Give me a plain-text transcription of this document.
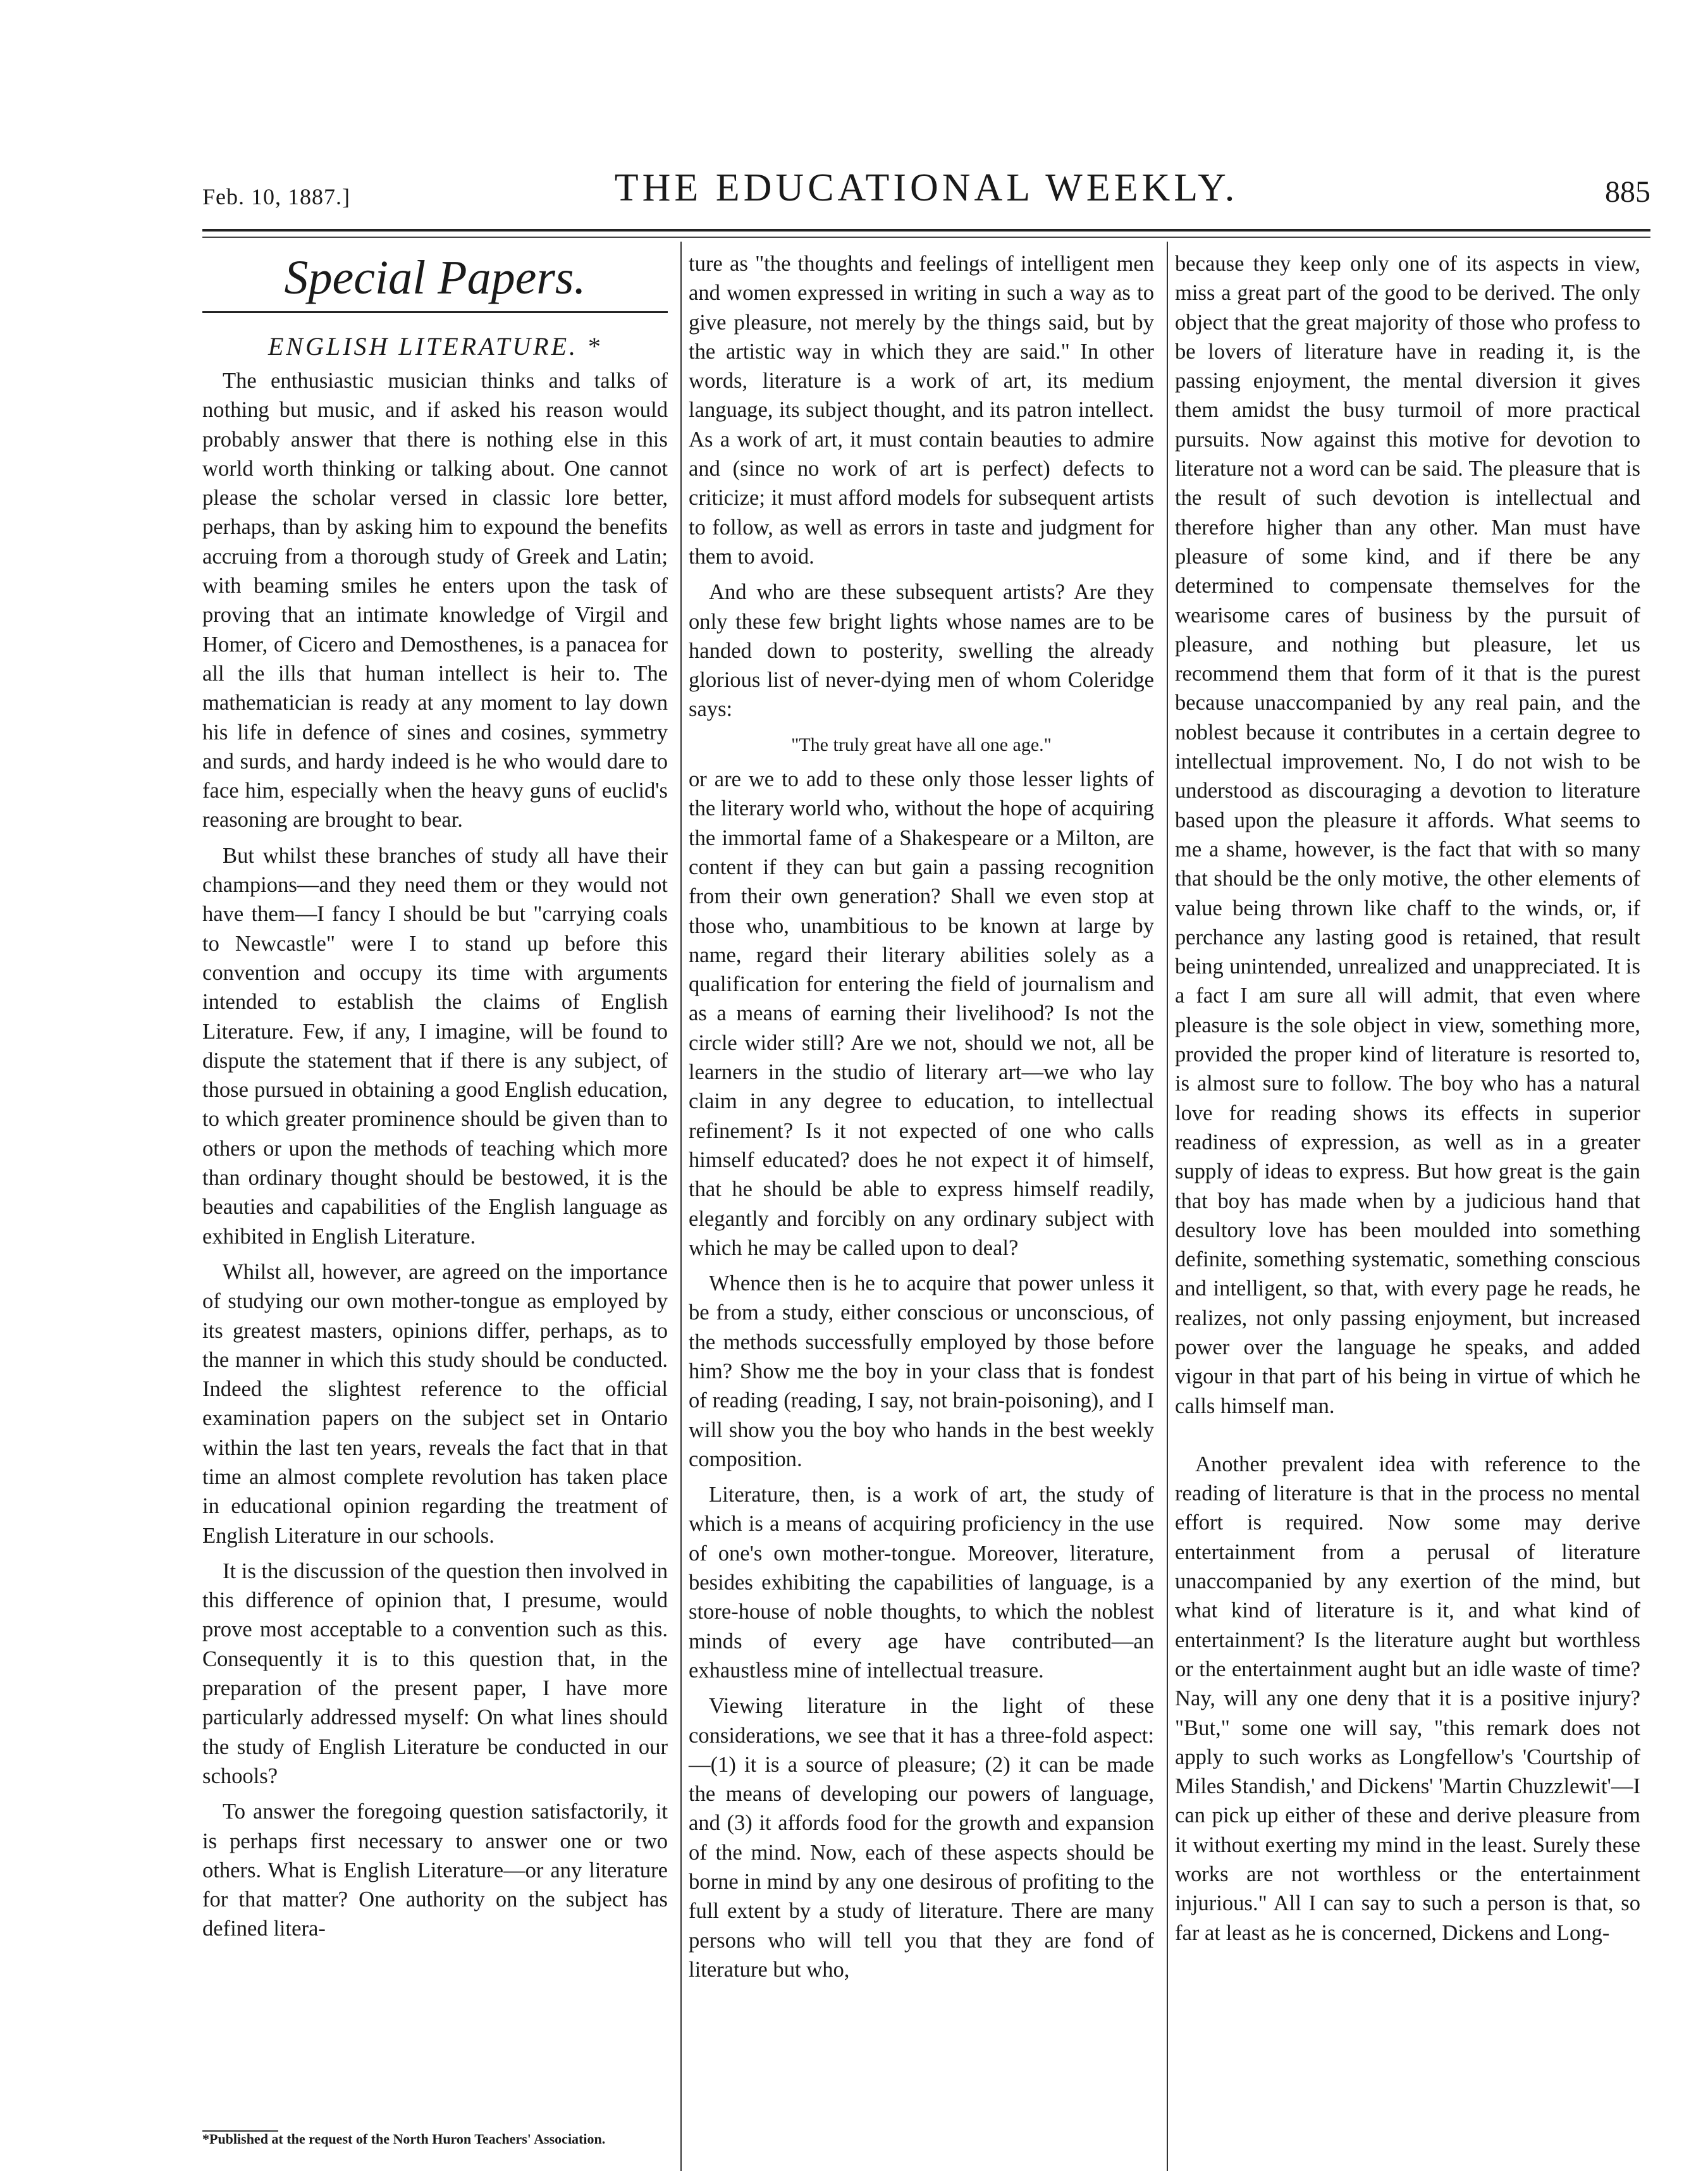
Feb. 10, 1887.]	THE EDUCATIONAL WEEKLY.	885
Special Papers.
ENGLISH LITERATURE. *

The enthusiastic musician thinks and talks of nothing but music, and if asked his reason would probably answer that there is nothing else in this world worth thinking or talking about. One cannot please the scholar versed in classic lore better, perhaps, than by asking him to expound the benefits accruing from a thorough study of Greek and Latin; with beaming smiles he enters upon the task of proving that an intimate knowledge of Virgil and Homer, of Cicero and Demosthenes, is a panacea for all the ills that human intellect is heir to. The mathematician is ready at any moment to lay down his life in defence of sines and cosines, symmetry and surds, and hardy indeed is he who would dare to face him, especially when the heavy guns of euclid's reasoning are brought to bear.

But whilst these branches of study all have their champions—and they need them or they would not have them—I fancy I should be but "carrying coals to Newcastle" were I to stand up before this convention and occupy its time with arguments intended to establish the claims of English Literature. Few, if any, I imagine, will be found to dispute the statement that if there is any subject, of those pursued in obtaining a good English education, to which greater prominence should be given than to others or upon the methods of teaching which more than ordinary thought should be bestowed, it is the beauties and capabilities of the English language as exhibited in English Literature.

Whilst all, however, are agreed on the importance of studying our own mother-tongue as employed by its greatest masters, opinions differ, perhaps, as to the manner in which this study should be conducted. Indeed the slightest reference to the official examination papers on the subject set in Ontario within the last ten years, reveals the fact that in that time an almost complete revolution has taken place in educational opinion regarding the treatment of English Literature in our schools.

It is the discussion of the question then involved in this difference of opinion that, I presume, would prove most acceptable to a convention such as this. Consequently it is to this question that, in the preparation of the present paper, I have more particularly addressed myself: On what lines should the study of English Literature be conducted in our schools?

To answer the foregoing question satisfactorily, it is perhaps first necessary to answer one or two others. What is English Literature—or any literature for that matter? One authority on the subject has defined litera-

*Published at the request of the North Huron Teachers' Association.

ture as "the thoughts and feelings of intelligent men and women expressed in writing in such a way as to give pleasure, not merely by the things said, but by the artistic way in which they are said." In other words, literature is a work of art, its medium language, its subject thought, and its patron intellect. As a work of art, it must contain beauties to admire and (since no work of art is perfect) defects to criticize; it must afford models for subsequent artists to follow, as well as errors in taste and judgment for them to avoid.

And who are these subsequent artists? Are they only these few bright lights whose names are to be handed down to posterity, swelling the already glorious list of never-dying men of whom Coleridge says:

"The truly great have all one age."

or are we to add to these only those lesser lights of the literary world who, without the hope of acquiring the immortal fame of a Shakespeare or a Milton, are content if they can but gain a passing recognition from their own generation? Shall we even stop at those who, unambitious to be known at large by name, regard their literary abilities solely as a qualification for entering the field of journalism and as a means of earning their livelihood? Is not the circle wider still? Are we not, should we not, all be learners in the studio of literary art—we who lay claim in any degree to education, to intellectual refinement? Is it not expected of one who calls himself educated? does he not expect it of himself, that he should be able to express himself readily, elegantly and forcibly on any ordinary subject with which he may be called upon to deal?

Whence then is he to acquire that power unless it be from a study, either conscious or unconscious, of the methods successfully employed by those before him? Show me the boy in your class that is fondest of reading (reading, I say, not brain-poisoning), and I will show you the boy who hands in the best weekly composition.

Literature, then, is a work of art, the study of which is a means of acquiring proficiency in the use of one's own mother-tongue. Moreover, literature, besides exhibiting the capabilities of language, is a store-house of noble thoughts, to which the noblest minds of every age have contributed—an exhaustless mine of intellectual treasure.

Viewing literature in the light of these considerations, we see that it has a three-fold aspect:—(1) it is a source of pleasure; (2) it can be made the means of developing our powers of language, and (3) it affords food for the growth and expansion of the mind. Now, each of these aspects should be borne in mind by any one desirous of profiting to the full extent by a study of literature. There are many persons who will tell you that they are fond of literature but who,

because they keep only one of its aspects in view, miss a great part of the good to be derived. The only object that the great majority of those who profess to be lovers of literature have in reading it, is the passing enjoyment, the mental diversion it gives them amidst the busy turmoil of more practical pursuits. Now against this motive for devotion to literature not a word can be said. The pleasure that is the result of such devotion is intellectual and therefore higher than any other. Man must have pleasure of some kind, and if there be any determined to compensate themselves for the wearisome cares of business by the pursuit of pleasure, and nothing but pleasure, let us recommend them that form of it that is the purest because unaccompanied by any real pain, and the noblest because it contributes in a certain degree to intellectual improvement. No, I do not wish to be understood as discouraging a devotion to literature based upon the pleasure it affords. What seems to me a shame, however, is the fact that with so many that should be the only motive, the other elements of value being thrown like chaff to the winds, or, if perchance any lasting good is retained, that result being unintended, unrealized and unappreciated. It is a fact I am sure all will admit, that even where pleasure is the sole object in view, something more, provided the proper kind of literature is resorted to, is almost sure to follow. The boy who has a natural love for reading shows its effects in superior readiness of expression, as well as in a greater supply of ideas to express. But how great is the gain that boy has made when by a judicious hand that desultory love has been moulded into something definite, something systematic, something conscious and intelligent, so that, with every page he reads, he realizes, not only passing enjoyment, but increased power over the language he speaks, and added vigour in that part of his being in virtue of which he calls himself man.

Another prevalent idea with reference to the reading of literature is that in the process no mental effort is required. Now some may derive entertainment from a perusal of literature unaccompanied by any exertion of the mind, but what kind of literature is it, and what kind of entertainment? Is the literature aught but worthless or the entertainment aught but an idle waste of time? Nay, will any one deny that it is a positive injury? "But," some one will say, "this remark does not apply to such works as Longfellow's 'Courtship of Miles Standish,' and Dickens' 'Martin Chuzzlewit'—I can pick up either of these and derive pleasure from it without exerting my mind in the least. Surely these works are not worthless or the entertainment injurious." All I can say to such a person is that, so far at least as he is concerned, Dickens and Long-
